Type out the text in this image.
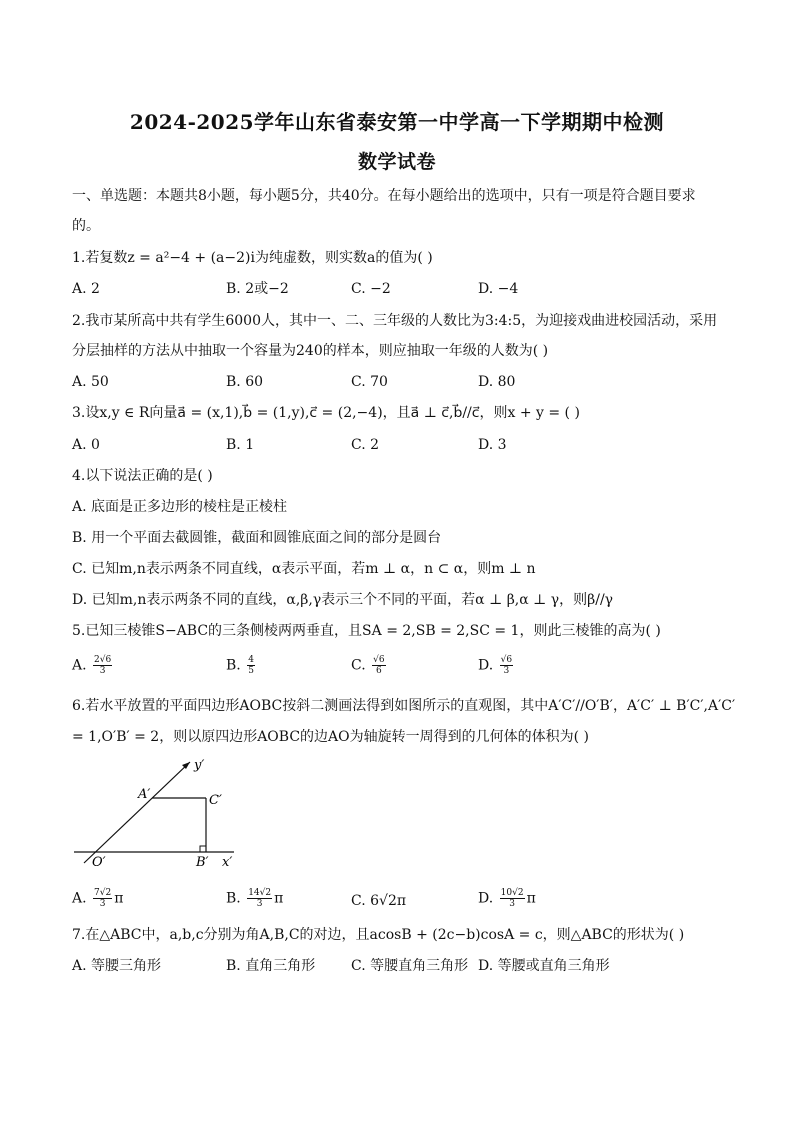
2024-2025学年山东省泰安第一中学高一下学期期中检测
数学试卷
一、单选题：本题共8小题，每小题5分，共40分。在每小题给出的选项中，只有一项是符合题目要求
的。
1.若复数z = a²−4 + (a−2)i为纯虚数，则实数a的值为( )
A. 2	B. 2或−2	C. −2	D. −4
2.我市某所高中共有学生6000人，其中一、二、三年级的人数比为3:4:5，为迎接戏曲进校园活动，采用
分层抽样的方法从中抽取一个容量为240的样本，则应抽取一年级的人数为( )
A. 50	B. 60	C. 70	D. 80
3.设x,y ∈ R向量a⃗ = (x,1),b⃗ = (1,y),c⃗ = (2,−4)，且a⃗ ⊥ c⃗,b⃗//c⃗，则x + y = ( )
A. 0	B. 1	C. 2	D. 3
4.以下说法正确的是( )
A. 底面是正多边形的棱柱是正棱柱
B. 用一个平面去截圆锥，截面和圆锥底面之间的部分是圆台
C. 已知m,n表示两条不同直线，α表示平面，若m ⊥ α，n ⊂ α，则m ⊥ n
D. 已知m,n表示两条不同的直线，α,β,γ表示三个不同的平面，若α ⊥ β,α ⊥ γ，则β//γ
5.已知三棱锥S−ABC的三条侧棱两两垂直，且SA = 2,SB = 2,SC = 1，则此三棱锥的高为( )
A. $\frac{2√6}{3}$	B. $\frac{4}{5}$	C. $\frac{√6}{6}$	D. $\frac{√6}{3}$
6.若水平放置的平面四边形AOBC按斜二测画法得到如图所示的直观图，其中A′C′//O′B′，A′C′ ⊥ B′C′,A′C′
= 1,O′B′ = 2，则以原四边形AOBC的边AO为轴旋转一周得到的几何体的体积为( )
y′
A′	C′
O′	B′ x′
A. $\frac{7√2}{3}$ π	B. $\frac{14√2}{3}$ π	C. 6√2π	D. $\frac{10√2}{3}$ π
7.在△ABC中，a,b,c分别为角A,B,C的对边，且acosB + (2c−b)cosA = c，则△ABC的形状为( )
A. 等腰三角形	B. 直角三角形	C. 等腰直角三角形 D. 等腰或直角三角形
